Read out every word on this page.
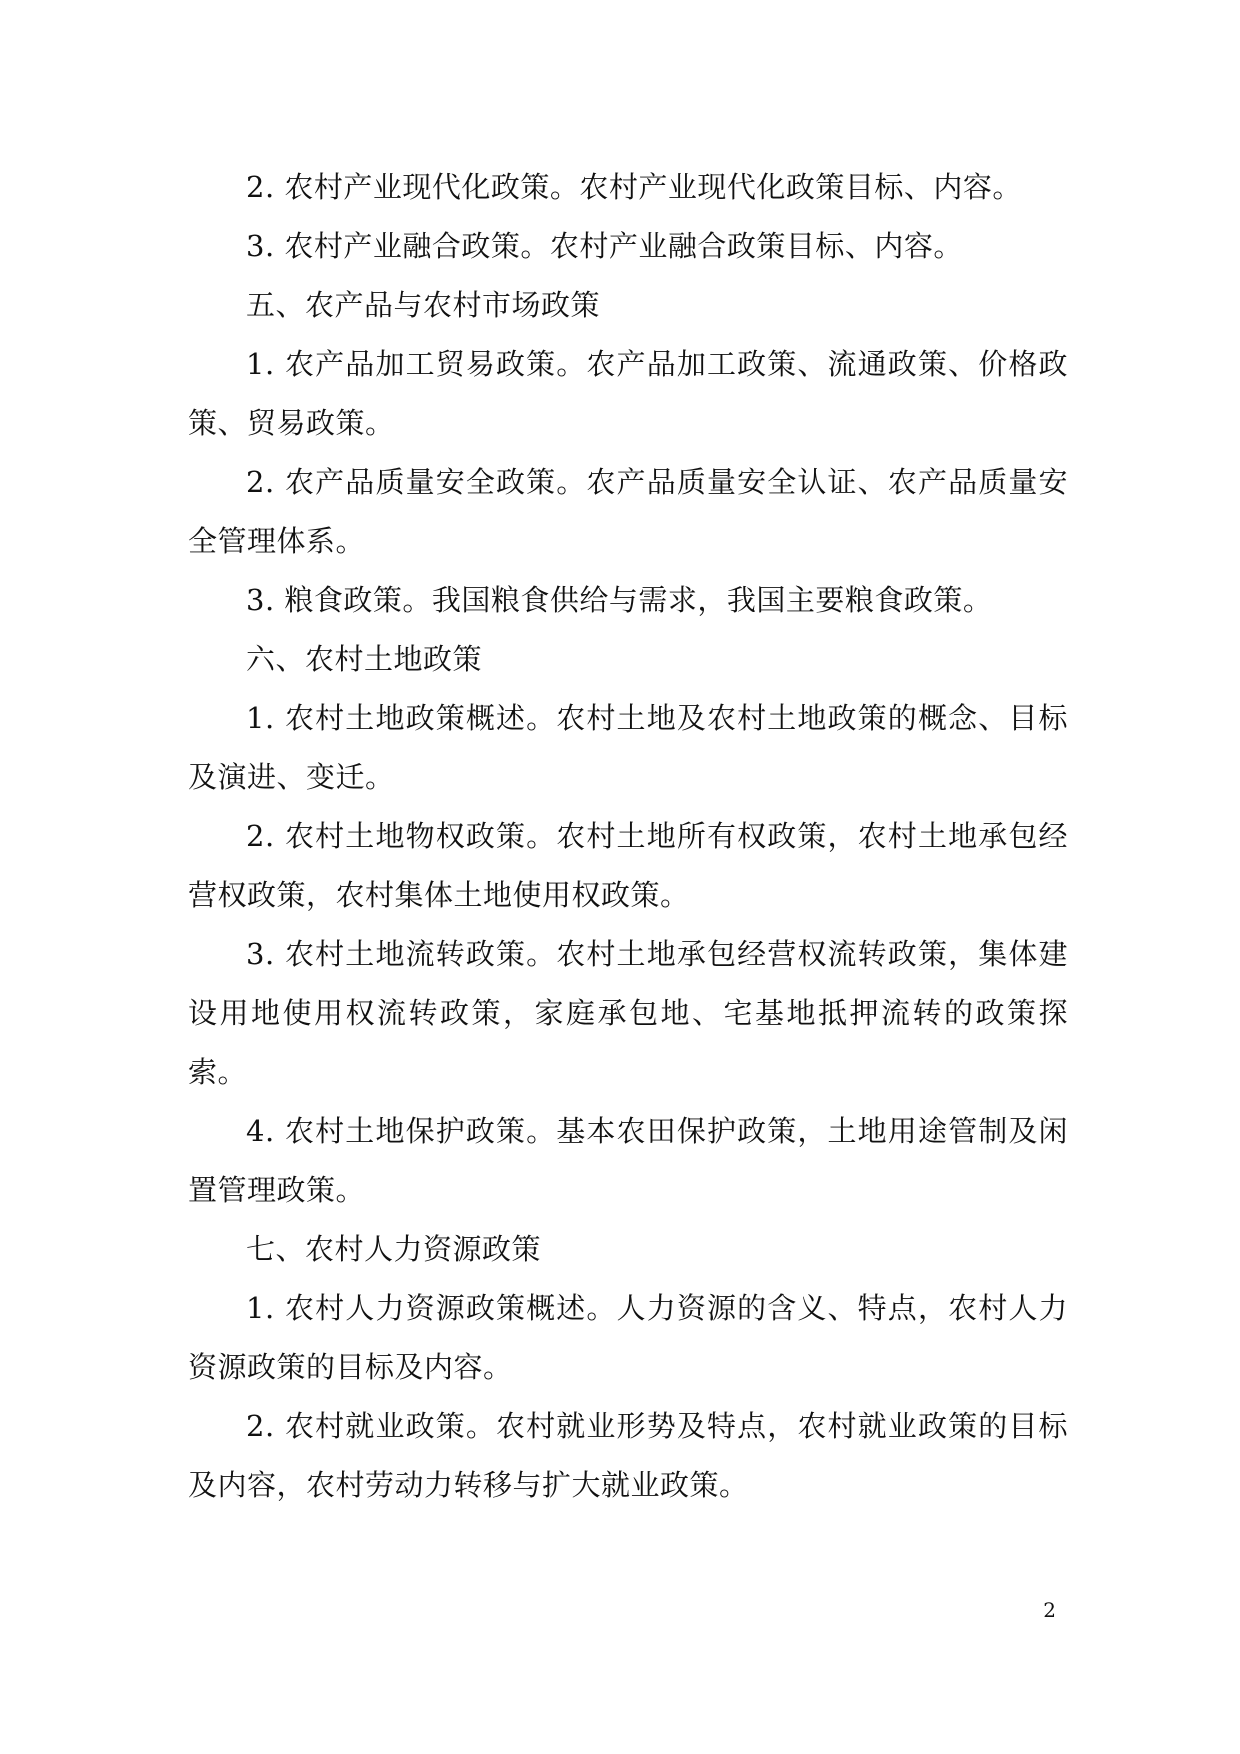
2. 农村产业现代化政策。农村产业现代化政策目标、内容。

3. 农村产业融合政策。农村产业融合政策目标、内容。

五、农产品与农村市场政策

1. 农产品加工贸易政策。农产品加工政策、流通政策、价格政策、贸易政策。

2. 农产品质量安全政策。农产品质量安全认证、农产品质量安全管理体系。

3. 粮食政策。我国粮食供给与需求，我国主要粮食政策。

六、农村土地政策

1. 农村土地政策概述。农村土地及农村土地政策的概念、目标及演进、变迁。

2. 农村土地物权政策。农村土地所有权政策，农村土地承包经营权政策，农村集体土地使用权政策。

3. 农村土地流转政策。农村土地承包经营权流转政策，集体建设用地使用权流转政策，家庭承包地、宅基地抵押流转的政策探索。

4. 农村土地保护政策。基本农田保护政策，土地用途管制及闲置管理政策。

七、农村人力资源政策

1. 农村人力资源政策概述。人力资源的含义、特点，农村人力资源政策的目标及内容。

2. 农村就业政策。农村就业形势及特点，农村就业政策的目标及内容，农村劳动力转移与扩大就业政策。

2
